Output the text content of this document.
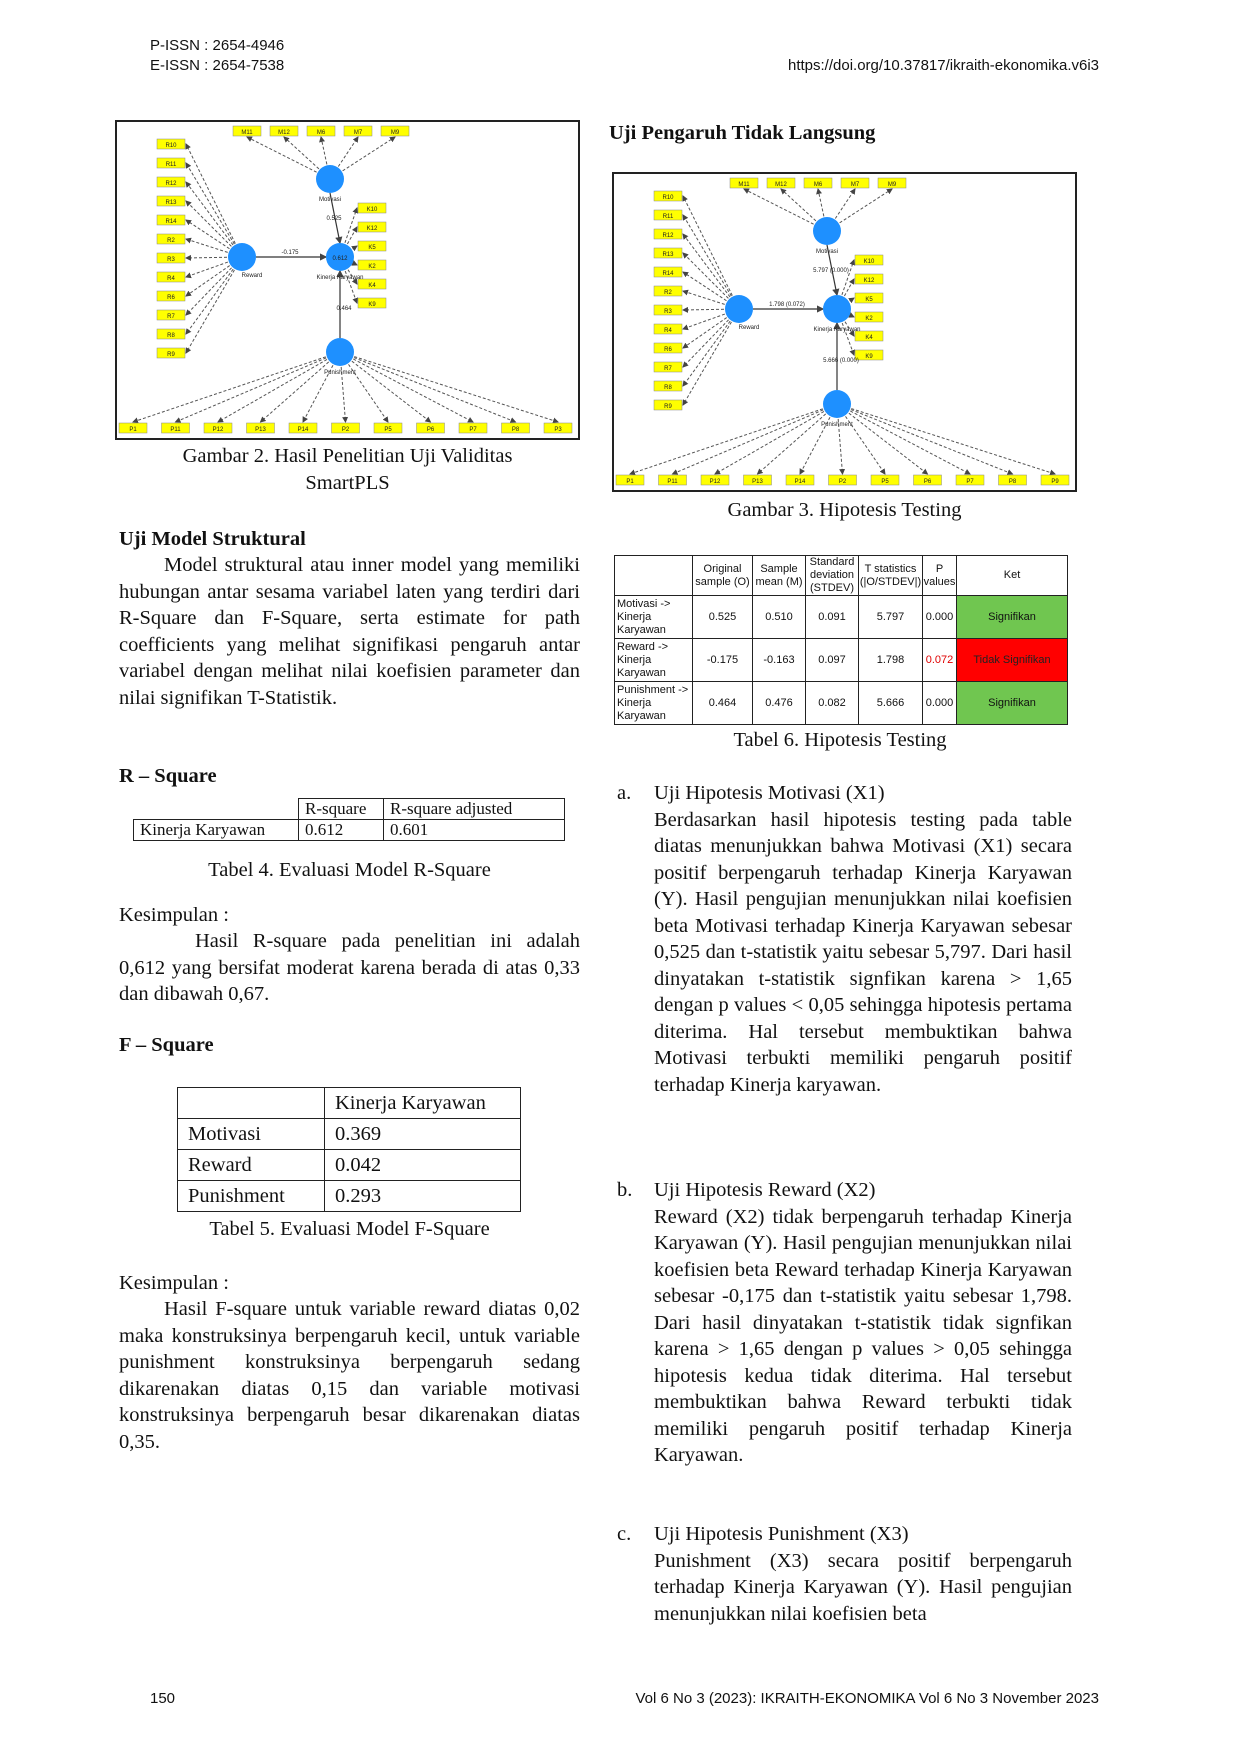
P-ISSN : 2654-4946
E-ISSN : 2654-7538	https://doi.org/10.37817/ikraith-ekonomika.v6i3
M11	M12	M6	M7	M9
R10
R11
R12
R13
R14
R2
R3
R4
R6
R7
R8
R9
K10
K12
K5
K2
K4
K9
P1	P11	P12	P13	P14	P2	P5	P6	P7	P8	P3
0.612
Motivasi
Reward	Kinerja Karyawan
Punishment
0.525
-0.175
0.464
Gambar 2. Hasil Penelitian Uji Validitas
SmartPLS
Uji Model Struktural
Model struktural atau inner model yang memiliki hubungan antar sesama variabel laten yang terdiri dari R-Square dan F-Square, serta estimate for path coefficients yang melihat signifikasi pengaruh antar variabel dengan melihat nilai koefisien parameter dan nilai signifikan T-Statistik.
R – Square
	R-square	R-square adjusted
Kinerja Karyawan	0.612	0.601
Tabel 4. Evaluasi Model R-Square
Kesimpulan :
Hasil R-square pada penelitian ini adalah 0,612 yang bersifat moderat karena berada di atas 0,33 dan dibawah 0,67.
F – Square
	Kinerja Karyawan
Motivasi	0.369
Reward	0.042
Punishment	0.293
Tabel 5. Evaluasi Model F-Square
Kesimpulan :
Hasil F-square untuk variable reward diatas 0,02 maka konstruksinya berpengaruh kecil, untuk variable punishment konstruksinya berpengaruh sedang dikarenakan diatas 0,15 dan variable motivasi konstruksinya berpengaruh besar dikarenakan diatas 0,35.
Uji Pengaruh Tidak Langsung
M11	M12	M6	M7	M9
R10
R11
R12
R13
R14
R2
R3
R4
R6
R7
R8
R9
K10
K12
K5
K2
K4
K9
P1	P11	P12	P13	P14	P2	P5	P6	P7	P8	P9
Motivasi
Reward	Kinerja Karyawan
Punishment
5.797 (0.000)
1.798 (0.072)
5.666 (0.000)
Gambar 3. Hipotesis Testing
	Original sample (O)	Sample mean (M)	Standard deviation (STDEV)	T statistics (|O/STDEV|)	P values	Ket
Motivasi -> Kinerja Karyawan	0.525	0.510	0.091	5.797	0.000	Signifikan
Reward -> Kinerja Karyawan	-0.175	-0.163	0.097	1.798	0.072	Tidak Signifikan
Punishment -> Kinerja Karyawan	0.464	0.476	0.082	5.666	0.000	Signifikan
Tabel 6. Hipotesis Testing
a. Uji Hipotesis Motivasi (X1)
Berdasarkan hasil hipotesis testing pada table diatas menunjukkan bahwa Motivasi (X1) secara positif berpengaruh terhadap Kinerja Karyawan (Y). Hasil pengujian menunjukkan nilai koefisien beta Motivasi terhadap Kinerja Karyawan sebesar 0,525 dan t-statistik yaitu sebesar 5,797. Dari hasil dinyatakan t-statistik signfikan karena > 1,65 dengan p values < 0,05 sehingga hipotesis pertama diterima. Hal tersebut membuktikan bahwa Motivasi terbukti memiliki pengaruh positif terhadap Kinerja karyawan.
b. Uji Hipotesis Reward (X2)
Reward (X2) tidak berpengaruh terhadap Kinerja Karyawan (Y). Hasil pengujian menunjukkan nilai koefisien beta Reward terhadap Kinerja Karyawan sebesar -0,175 dan t-statistik yaitu sebesar 1,798. Dari hasil dinyatakan t-statistik tidak signfikan karena > 1,65 dengan p values > 0,05 sehingga hipotesis kedua tidak diterima. Hal tersebut membuktikan bahwa Reward terbukti tidak memiliki pengaruh positif terhadap Kinerja Karyawan.
c. Uji Hipotesis Punishment (X3)
Punishment (X3) secara positif berpengaruh terhadap Kinerja Karyawan (Y). Hasil pengujian menunjukkan nilai koefisien beta
150	Vol 6 No 3 (2023): IKRAITH-EKONOMIKA Vol 6 No 3 November 2023
